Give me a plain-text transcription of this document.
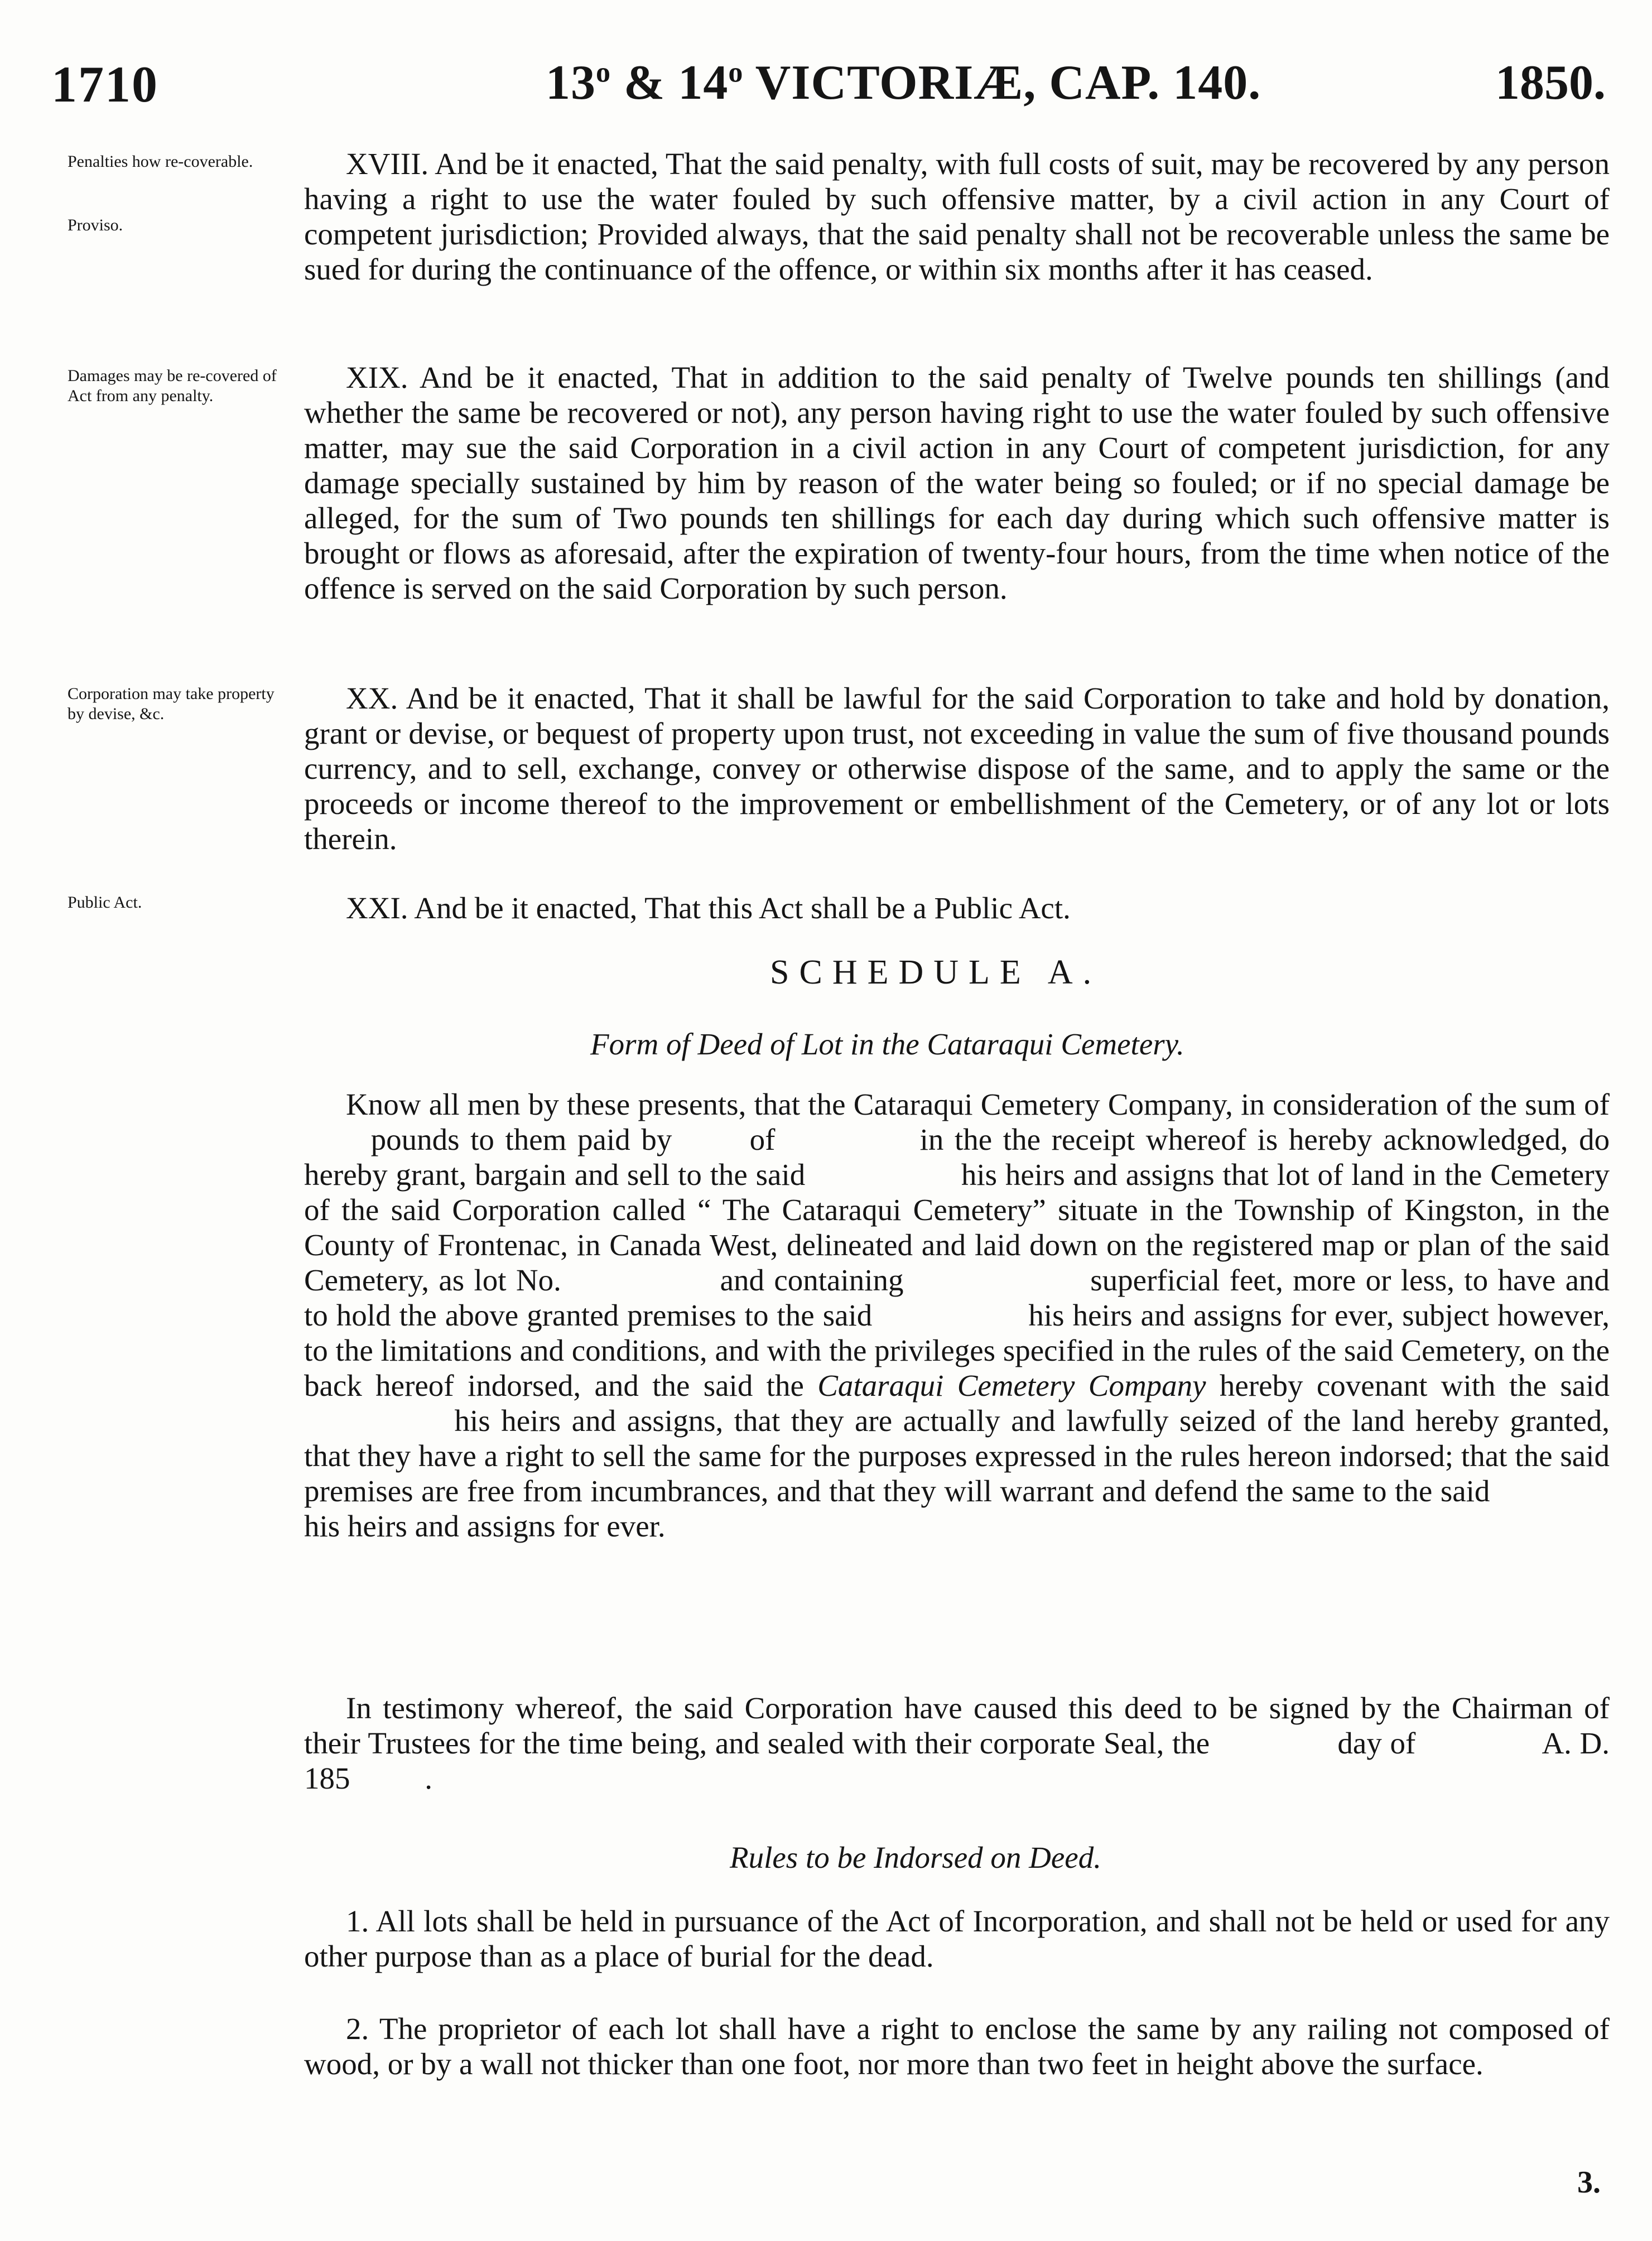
1710	13$^o$ & 14$^o$ VICTORIÆ, CAP. 140.	1850.
Penalties how re-coverable.
Proviso.
Damages may be re-covered of Act from any penalty.
Corporation may take property by devise, &c.
Public Act.

XVIII. And be it enacted, That the said penalty, with full costs of suit, may be recovered by any person having a right to use the water fouled by such offensive matter, by a civil action in any Court of competent jurisdiction; Provided always, that the said penalty shall not be recoverable unless the same be sued for during the continuance of the offence, or within six months after it has ceased.

XIX. And be it enacted, That in addition to the said penalty of Twelve pounds ten shillings (and whether the same be recovered or not), any person having right to use the water fouled by such offensive matter, may sue the said Corporation in a civil action in any Court of competent jurisdiction, for any damage specially sustained by him by reason of the water being so fouled; or if no special damage be alleged, for the sum of Two pounds ten shillings for each day during which such offensive matter is brought or flows as aforesaid, after the expiration of twenty-four hours, from the time when notice of the offence is served on the said Corporation by such person.

XX. And be it enacted, That it shall be lawful for the said Corporation to take and hold by donation, grant or devise, or bequest of property upon trust, not exceeding in value the sum of five thousand pounds currency, and to sell, exchange, convey or otherwise dispose of the same, and to apply the same or the proceeds or income thereof to the improvement or embellishment of the Cemetery, or of any lot or lots therein.

XXI. And be it enacted, That this Act shall be a Public Act.

SCHEDULE A.
Form of Deed of Lot in the Cataraqui Cemetery.

Know all men by these presents, that the Cataraqui Cemetery Company, in consideration of the sum of  pounds to them paid by	of	in the the receipt whereof is hereby acknowledged, do hereby grant, bargain and sell to the said	his heirs and assigns that lot of land in the Cemetery of the said Corporation called “ The Cataraqui Cemetery” situate in the Township of Kingston, in the County of Frontenac, in Canada West, delineated and laid down on the registered map or plan of the said Cemetery, as lot No.	and containing	superficial feet, more or less, to have and to hold the above granted premises to the said	his heirs and assigns for ever, subject however, to the limitations and conditions, and with the privileges specified in the rules of the said Cemetery, on the back hereof indorsed, and the said the Cataraqui Cemetery Company hereby covenant with the said  his heirs and assigns, that they are actually and lawfully seized of the land hereby granted, that they have a right to sell the same for the purposes expressed in the rules hereon indorsed; that the said premises are free from incumbrances, and that they will warrant and defend the same to the said  his heirs and assigns for ever.

In testimony whereof, the said Corporation have caused this deed to be signed by the Chairman of their Trustees for the time being, and sealed with their corporate Seal, the	day of	A. D. 185 .

Rules to be Indorsed on Deed.

1. All lots shall be held in pursuance of the Act of Incorporation, and shall not be held or used for any other purpose than as a place of burial for the dead.

2. The proprietor of each lot shall have a right to enclose the same by any railing not composed of wood, or by a wall not thicker than one foot, nor more than two feet in height above the surface.

3.
